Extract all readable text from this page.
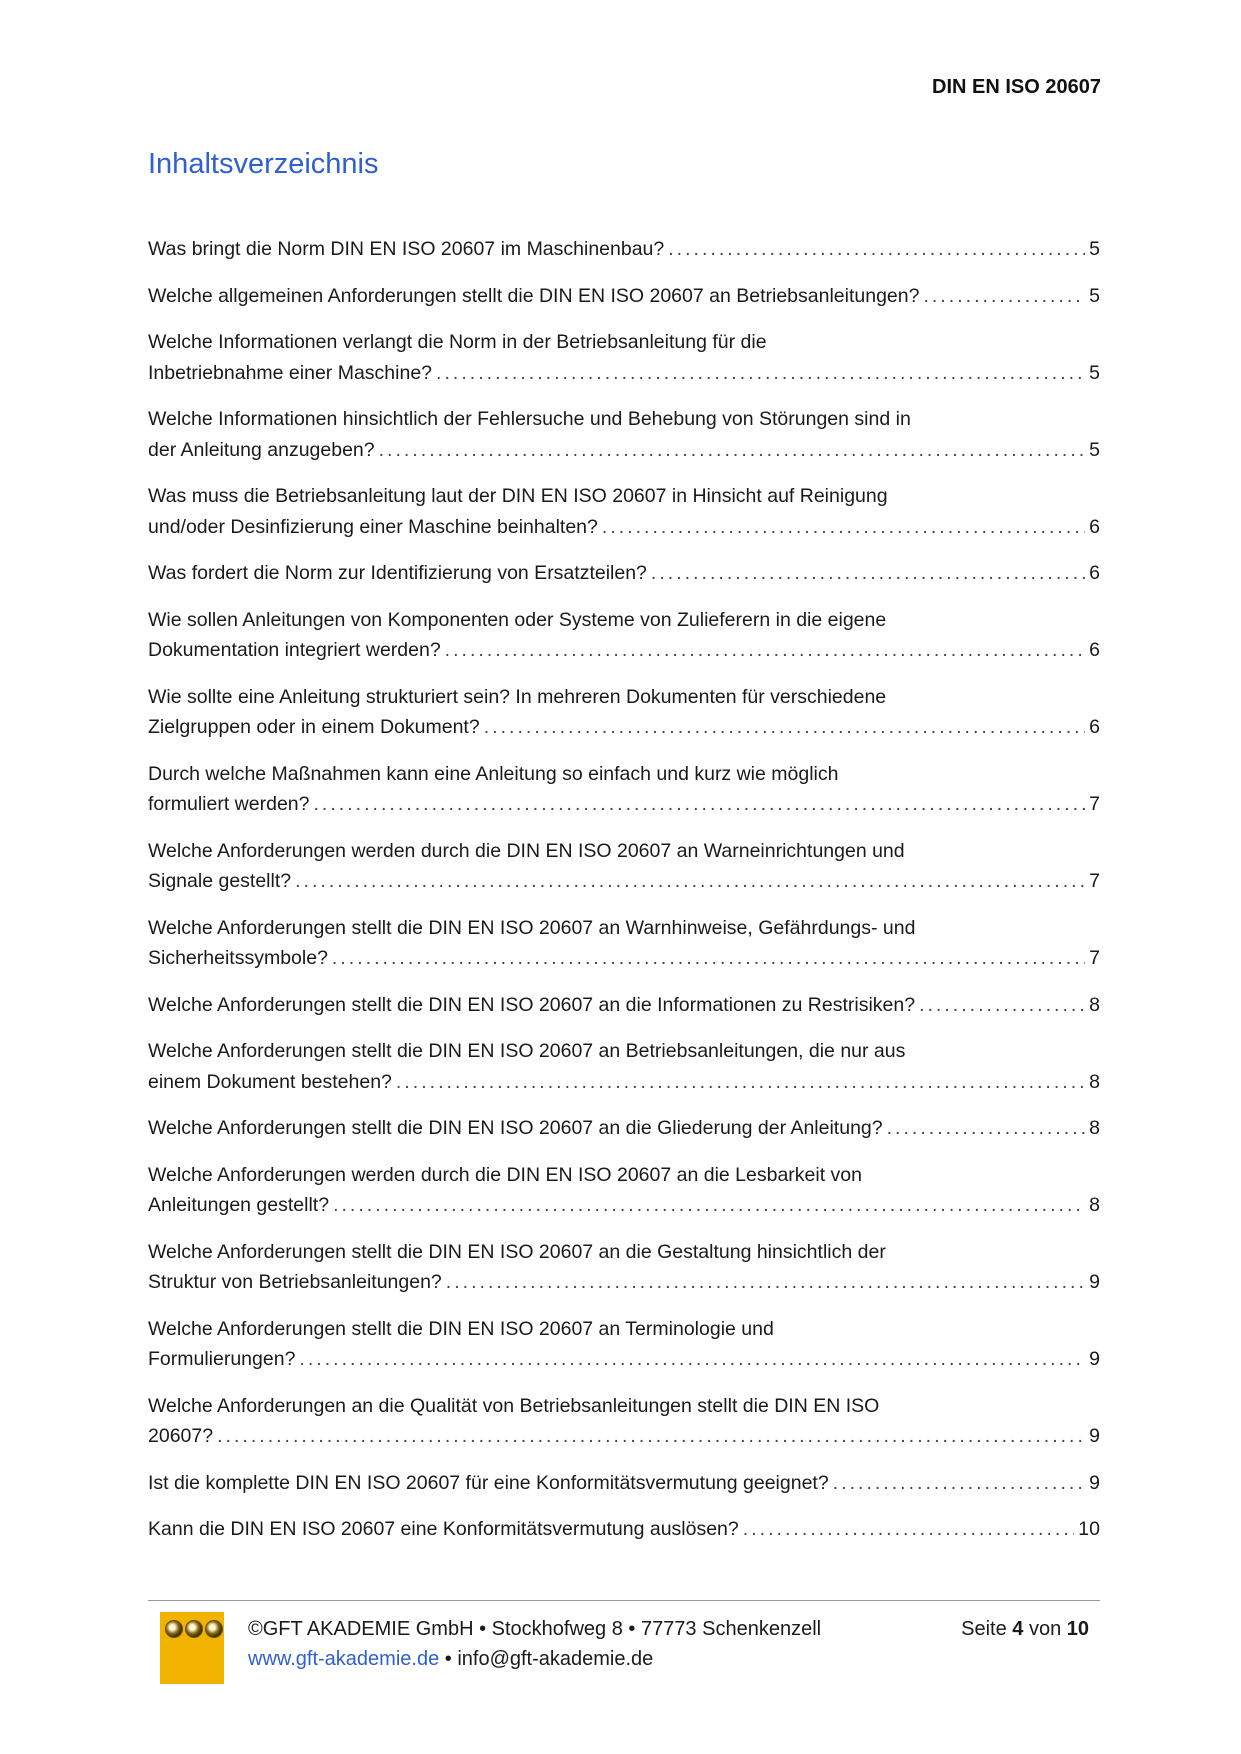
DIN EN ISO 20607
Inhaltsverzeichnis
Was bringt die Norm DIN EN ISO 20607 im Maschinenbau? . . .	5
Welche allgemeinen Anforderungen stellt die DIN EN ISO 20607 an Betriebsanleitungen? . . .	5
Welche Informationen verlangt die Norm in der Betriebsanleitung für die
Inbetriebnahme einer Maschine? . . .	5
Welche Informationen hinsichtlich der Fehlersuche und Behebung von Störungen sind in
der Anleitung anzugeben? . . .	5
Was muss die Betriebsanleitung laut der DIN EN ISO 20607 in Hinsicht auf Reinigung
und/oder Desinfizierung einer Maschine beinhalten? . . .	6
Was fordert die Norm zur Identifizierung von Ersatzteilen? . . .	6
Wie sollen Anleitungen von Komponenten oder Systeme von Zulieferern in die eigene
Dokumentation integriert werden? . . .	6
Wie sollte eine Anleitung strukturiert sein? In mehreren Dokumenten für verschiedene
Zielgruppen oder in einem Dokument? . . .	6
Durch welche Maßnahmen kann eine Anleitung so einfach und kurz wie möglich
formuliert werden? . . .	7
Welche Anforderungen werden durch die DIN EN ISO 20607 an Warneinrichtungen und
Signale gestellt? . . .	7
Welche Anforderungen stellt die DIN EN ISO 20607 an Warnhinweise, Gefährdungs- und
Sicherheitssymbole? . . .	7
Welche Anforderungen stellt die DIN EN ISO 20607 an die Informationen zu Restrisiken? . . .	8
Welche Anforderungen stellt die DIN EN ISO 20607 an Betriebsanleitungen, die nur aus
einem Dokument bestehen? . . .	8
Welche Anforderungen stellt die DIN EN ISO 20607 an die Gliederung der Anleitung? . . .	8
Welche Anforderungen werden durch die DIN EN ISO 20607 an die Lesbarkeit von
Anleitungen gestellt? . . .	8
Welche Anforderungen stellt die DIN EN ISO 20607 an die Gestaltung hinsichtlich der
Struktur von Betriebsanleitungen? . . .	9
Welche Anforderungen stellt die DIN EN ISO 20607 an Terminologie und
Formulierungen? . . .	9
Welche Anforderungen an die Qualität von Betriebsanleitungen stellt die DIN EN ISO
20607? . . .	9
Ist die komplette DIN EN ISO 20607 für eine Konformitätsvermutung geeignet? . . .	9
Kann die DIN EN ISO 20607 eine Konformitätsvermutung auslösen? . . .	10
©GFT AKADEMIE GmbH • Stockhofweg 8 • 77773 Schenkenzell
www.gft-akademie.de • info@gft-akademie.de
Seite 4 von 10
